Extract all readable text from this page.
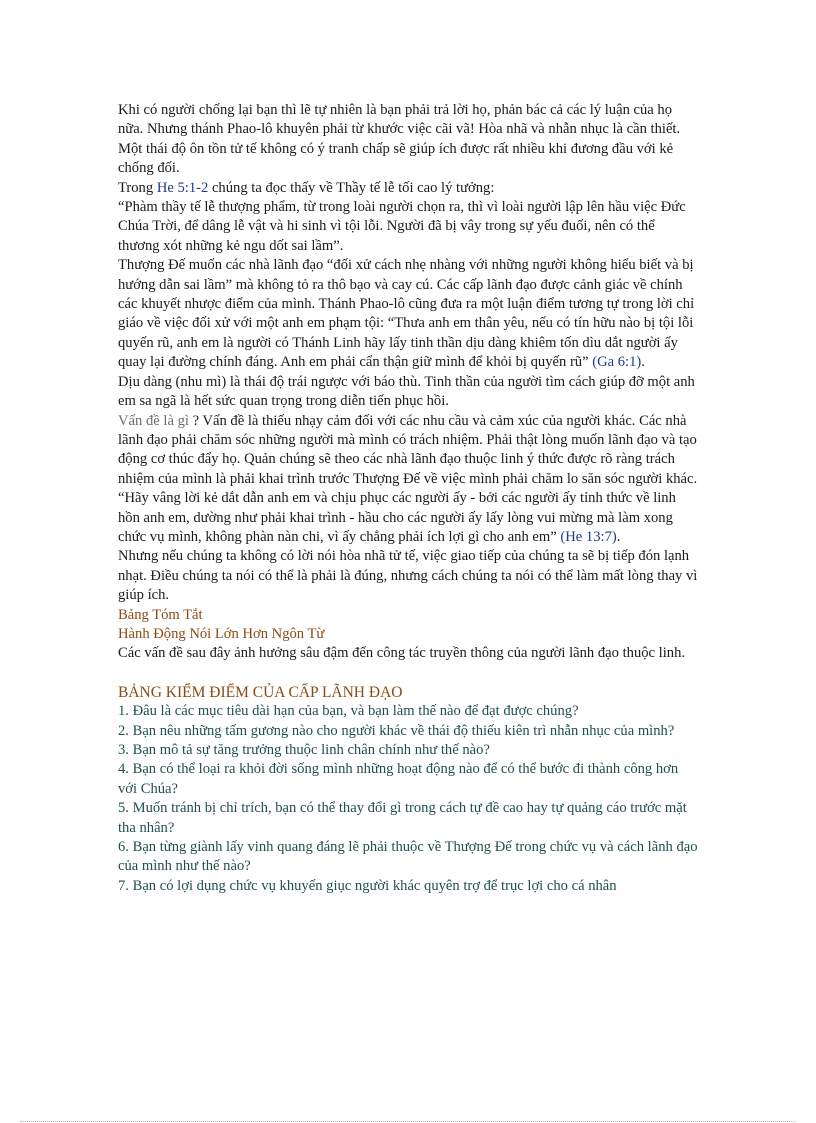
Khi có người chống lại bạn thì lẽ tự nhiên là bạn phải trả lời họ, phản bác cả các lý luận của họ nữa. Nhưng thánh Phao-lô khuyên phải từ khước việc cãi vã! Hòa nhã và nhẫn nhục là cần thiết. Một thái độ ôn tồn tử tế không có ý tranh chấp sẽ giúp ích được rất nhiều khi đương đầu với kẻ chống đối.

Trong He 5:1-2 chúng ta đọc thấy về Thầy tế lễ tối cao lý tưởng:

“Phàm thầy tế lễ thượng phẩm, từ trong loài người chọn ra, thì vì loài người lập lên hầu việc Đức Chúa Trời, để dâng lễ vật và hi sinh vì tội lỗi. Người đã bị vây trong sự yếu đuối, nên có thể thương xót những kẻ ngu dốt sai lầm”.

Thượng Đế muốn các nhà lãnh đạo “đối xử cách nhẹ nhàng với những người không hiểu biết và bị hướng dẫn sai lầm” mà không tỏ ra thô bạo và cay cú. Các cấp lãnh đạo được cảnh giác về chính các khuyết nhược điểm của mình. Thánh Phao-lô cũng đưa ra một luận điểm tương tự trong lời chỉ giáo về việc đối xử với một anh em phạm tội: “Thưa anh em thân yêu, nếu có tín hữu nào bị tội lỗi quyến rũ, anh em là người có Thánh Linh hãy lấy tinh thần dịu dàng khiêm tốn dìu dắt người ấy quay lại đường chính đáng. Anh em phải cẩn thận giữ mình để khỏi bị quyến rũ” (Ga 6:1).

Dịu dàng (nhu mì) là thái độ trái ngược với báo thù. Tinh thần của người tìm cách giúp đỡ một anh em sa ngã là hết sức quan trọng trong diễn tiến phục hồi.

Vấn đề là gì ? Vấn đề là thiếu nhạy cảm đối với các nhu cầu và cảm xúc của người khác. Các nhà lãnh đạo phải chăm sóc những người mà mình có trách nhiệm. Phải thật lòng muốn lãnh đạo và tạo động cơ thúc đẩy họ. Quản chúng sẽ theo các nhà lãnh đạo thuộc linh ý thức được rõ ràng trách nhiệm của mình là phải khai trình trước Thượng Đế về việc mình phải chăm lo săn sóc người khác.

“Hãy vâng lời kẻ dắt dẫn anh em và chịu phục các người ấy - bởi các người ấy tỉnh thức về linh hồn anh em, dường như phải khai trình - hầu cho các người ấy lấy lòng vui mừng mà làm xong chức vụ mình, không phàn nàn chi, vì ấy chẳng phải ích lợi gì cho anh em” (He 13:7).

Nhưng nếu chúng ta không có lời nói hòa nhã tử tế, việc giao tiếp của chúng ta sẽ bị tiếp đón lạnh nhạt. Điều chúng ta nói có thể là phải là đúng, nhưng cách chúng ta nói có thể làm mất lòng thay vì giúp ích.

Bảng Tóm Tắt

Hành Động Nói Lớn Hơn Ngôn Từ

Các vấn đề sau đây ảnh hưởng sâu đậm đến công tác truyền thông của người lãnh đạo thuộc linh.

BẢNG KIỂM ĐIỂM CỦA CẤP LÃNH ĐẠO

1. Đâu là các mục tiêu dài hạn của bạn, và bạn làm thế nào để đạt được chúng?

2. Bạn nêu những tấm gương nào cho người khác về thái độ thiếu kiên trì nhẫn nhục của mình?

3. Bạn mô tả sự tăng trưởng thuộc linh chân chính như thế nào?

4. Bạn có thể loại ra khỏi đời sống mình những hoạt động nào để có thể bước đi thành công hơn với Chúa?

5. Muốn tránh bị chỉ trích, bạn có thể thay đổi gì trong cách tự đề cao hay tự quảng cáo trước mặt tha nhân?

6. Bạn từng giành lấy vinh quang đáng lẽ phải thuộc về Thượng Đế trong chức vụ và cách lãnh đạo của mình như thế nào?

7. Bạn có lợi dụng chức vụ khuyến giục người khác quyên trợ để trục lợi cho cá nhân
